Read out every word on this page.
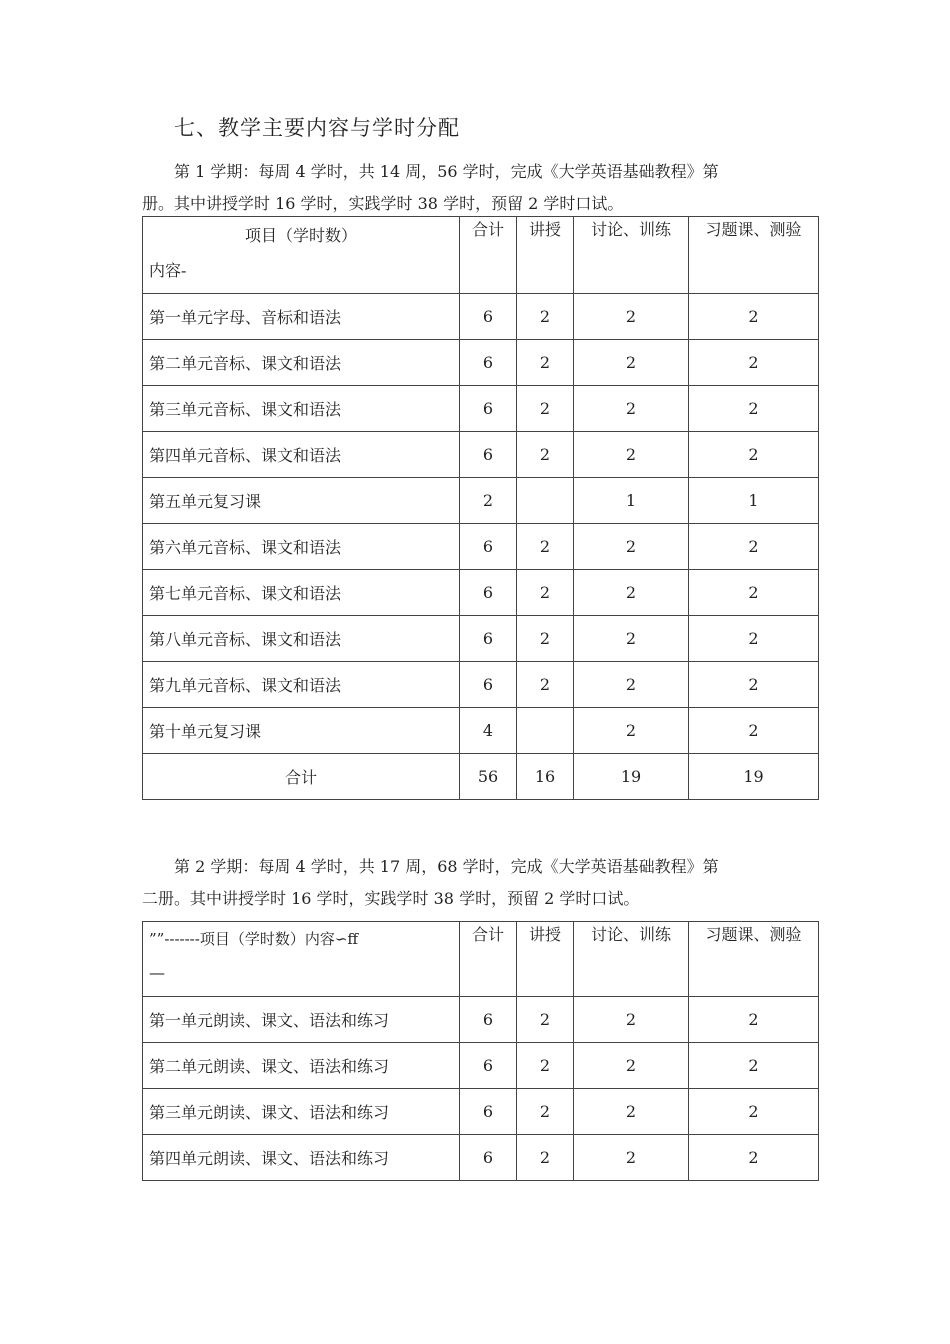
七、教学主要内容与学时分配
第 1 学期：每周 4 学时，共 14 周，56 学时，完成《大学英语基础教程》第
册。其中讲授学时 16 学时，实践学时 38 学时，预留 2 学时口试。
项目（学时数）
内容-	合计	讲授	讨论、训练	习题课、测验
第一单元字母、音标和语法	6	2	2	2
第二单元音标、课文和语法	6	2	2	2
第三单元音标、课文和语法	6	2	2	2
第四单元音标、课文和语法	6	2	2	2
第五单元复习课	2		1	1
第六单元音标、课文和语法	6	2	2	2
第七单元音标、课文和语法	6	2	2	2
第八单元音标、课文和语法	6	2	2	2
第九单元音标、课文和语法	6	2	2	2
第十单元复习课	4		2	2
合计	56	16	19	19
第 2 学期：每周 4 学时，共 17 周，68 学时，完成《大学英语基础教程》第
二册。其中讲授学时 16 学时，实践学时 38 学时，预留 2 学时口试。
””-------项目（学时数）内容∽ff
—	合计	讲授	讨论、训练	习题课、测验
第一单元朗读、课文、语法和练习	6	2	2	2
第二单元朗读、课文、语法和练习	6	2	2	2
第三单元朗读、课文、语法和练习	6	2	2	2
第四单元朗读、课文、语法和练习	6	2	2	2
